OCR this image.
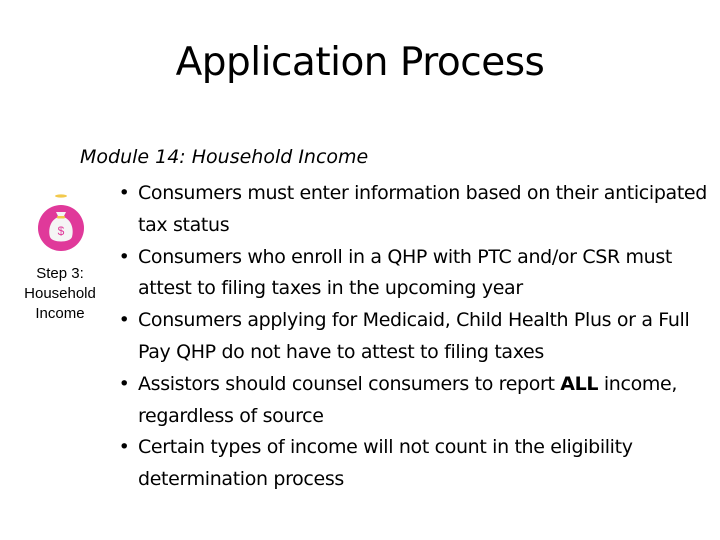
Application Process
Module 14: Household Income
$
Step 3:
Household
Income
• Consumers must enter information based on their anticipated tax status
• Consumers who enroll in a QHP with PTC and/or CSR must attest to filing taxes in the upcoming year
• Consumers applying for Medicaid, Child Health Plus or a Full Pay QHP do not have to attest to filing taxes
• Assistors should counsel consumers to report ALL income, regardless of source
• Certain types of income will not count in the eligibility determination process
